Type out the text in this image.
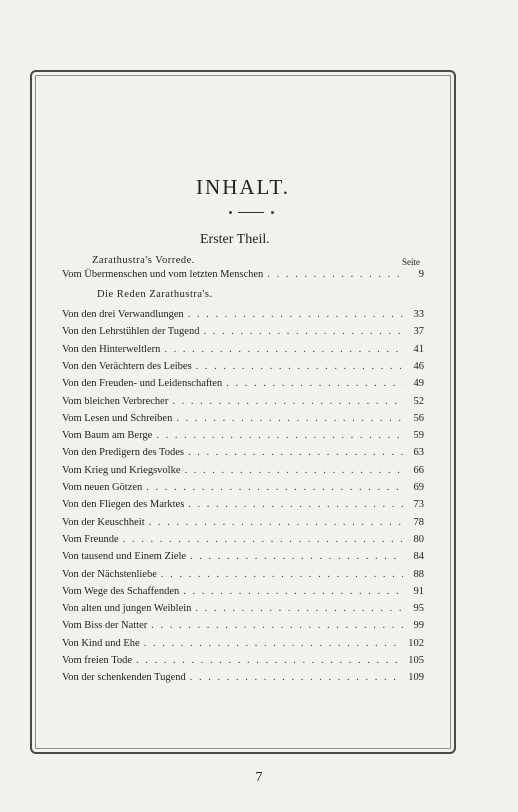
INHALT.
Erster Theil.
Zarathustra's Vorrede.	Seite
Vom Übermenschen und vom letzten Menschen . . .	9
Die Reden Zarathustra's.
Von den drei Verwandlungen . . .	33
Von den Lehrstühlen der Tugend . . .	37
Von den Hinterweltlern . . .	41
Von den Verächtern des Leibes . . .	46
Von den Freuden- und Leidenschaften . . .	49
Vom bleichen Verbrecher . . .	52
Vom Lesen und Schreiben . . .	56
Vom Baum am Berge . . .	59
Von den Predigern des Todes . . .	63
Vom Krieg und Kriegsvolke . . .	66
Vom neuen Götzen . . .	69
Von den Fliegen des Marktes . . .	73
Von der Keuschheit . . .	78
Vom Freunde . . .	80
Von tausend und Einem Ziele . . .	84
Von der Nächstenliebe . . .	88
Vom Wege des Schaffenden . . .	91
Von alten und jungen Weiblein . . .	95
Vom Biss der Natter . . .	99
Von Kind und Ehe . . .	102
Vom freien Tode . . .	105
Von der schenkenden Tugend . . .	109
7
